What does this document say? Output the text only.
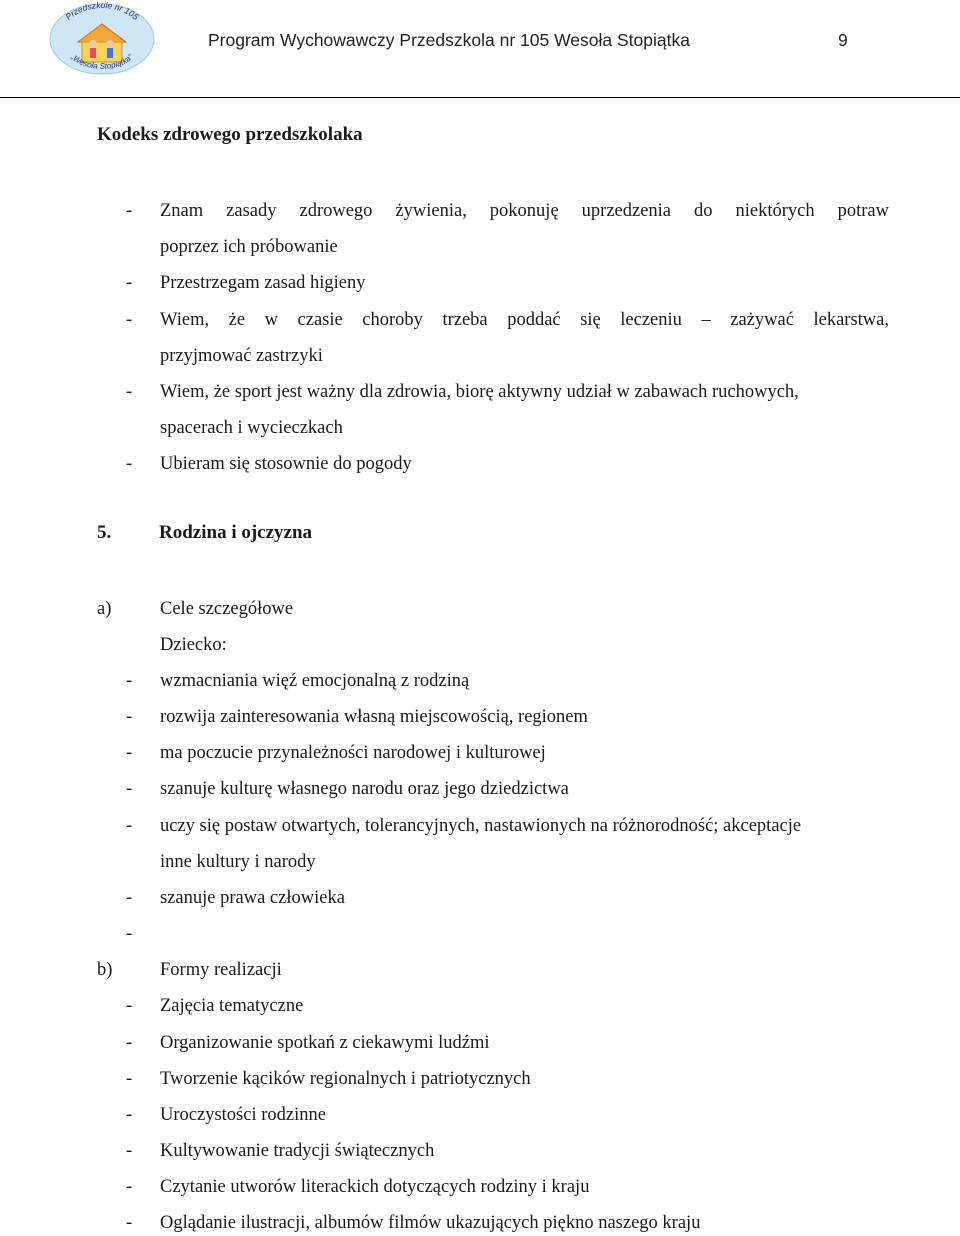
Przedszkole nr 105
„Wesoła Stopiątka"
Program Wychowawczy Przedszkola nr 105 Wesoła Stopiątka	9
Kodeks zdrowego przedszkolaka
- Znam zasady zdrowego żywienia, pokonuję uprzedzenia do niektórych potraw
poprzez ich próbowanie
- Przestrzegam zasad higieny
- Wiem, że w czasie choroby trzeba poddać się leczeniu – zażywać lekarstwa,
przyjmować zastrzyki
- Wiem, że sport jest ważny dla zdrowia, biorę aktywny udział w zabawach ruchowych,
spacerach i wycieczkach
- Ubieram się stosownie do pogody
5.	Rodzina i ojczyzna
a)	Cele szczegółowe
Dziecko:
- wzmacniania więź emocjonalną z rodziną
- rozwija zainteresowania własną miejscowością, regionem
- ma poczucie przynależności narodowej i kulturowej
- szanuje kulturę własnego narodu oraz jego dziedzictwa
- uczy się postaw otwartych, tolerancyjnych, nastawionych na różnorodność; akceptacje
inne kultury i narody
- szanuje prawa człowieka
-
b)	Formy realizacji
- Zajęcia tematyczne
- Organizowanie spotkań z ciekawymi ludźmi
- Tworzenie kącików regionalnych i patriotycznych
- Uroczystości rodzinne
- Kultywowanie tradycji świątecznych
- Czytanie utworów literackich dotyczących rodziny i kraju
- Oglądanie ilustracji, albumów filmów ukazujących piękno naszego kraju
